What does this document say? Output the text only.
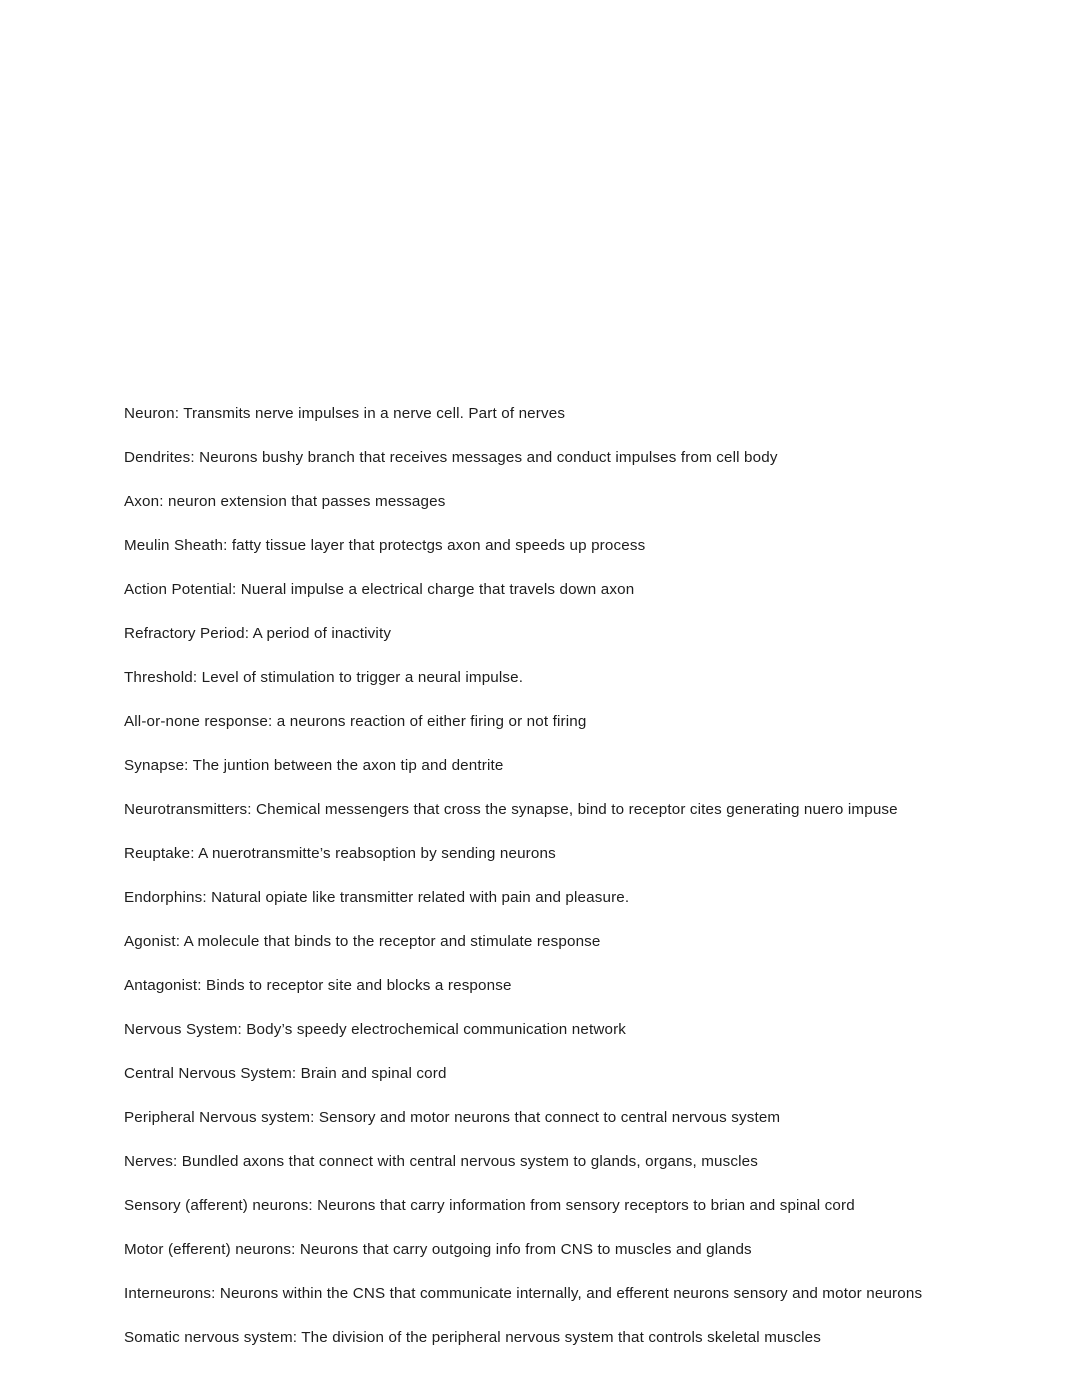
Neuron: Transmits nerve impulses in a nerve cell. Part of nerves

Dendrites: Neurons bushy branch that receives messages and conduct impulses from cell body

Axon: neuron extension that passes messages

Meulin Sheath: fatty tissue layer that protectgs axon and speeds up process

Action Potential: Nueral impulse a electrical charge that travels down axon

Refractory Period: A period of inactivity

Threshold: Level of stimulation to trigger a neural impulse.

All-or-none response: a neurons reaction of either firing or not firing

Synapse: The juntion between the axon tip and dentrite

Neurotransmitters: Chemical messengers that cross the synapse, bind to receptor cites generating nuero impuse

Reuptake: A nuerotransmitte’s reabsoption by sending neurons

Endorphins: Natural opiate like transmitter related with pain and pleasure.

Agonist: A molecule that binds to the receptor and stimulate response

Antagonist: Binds to receptor site and blocks a response

Nervous System: Body’s speedy electrochemical communication network

Central Nervous System: Brain and spinal cord

Peripheral Nervous system: Sensory and motor neurons that connect to central nervous system

Nerves: Bundled axons that connect with central nervous system to glands, organs, muscles

Sensory (afferent) neurons: Neurons that carry information from sensory receptors to brian and spinal cord

Motor (efferent) neurons: Neurons that carry outgoing info from CNS to muscles and glands

Interneurons: Neurons within the CNS that communicate internally, and efferent neurons sensory and motor neurons

Somatic nervous system: The division of the peripheral nervous system that controls skeletal muscles
